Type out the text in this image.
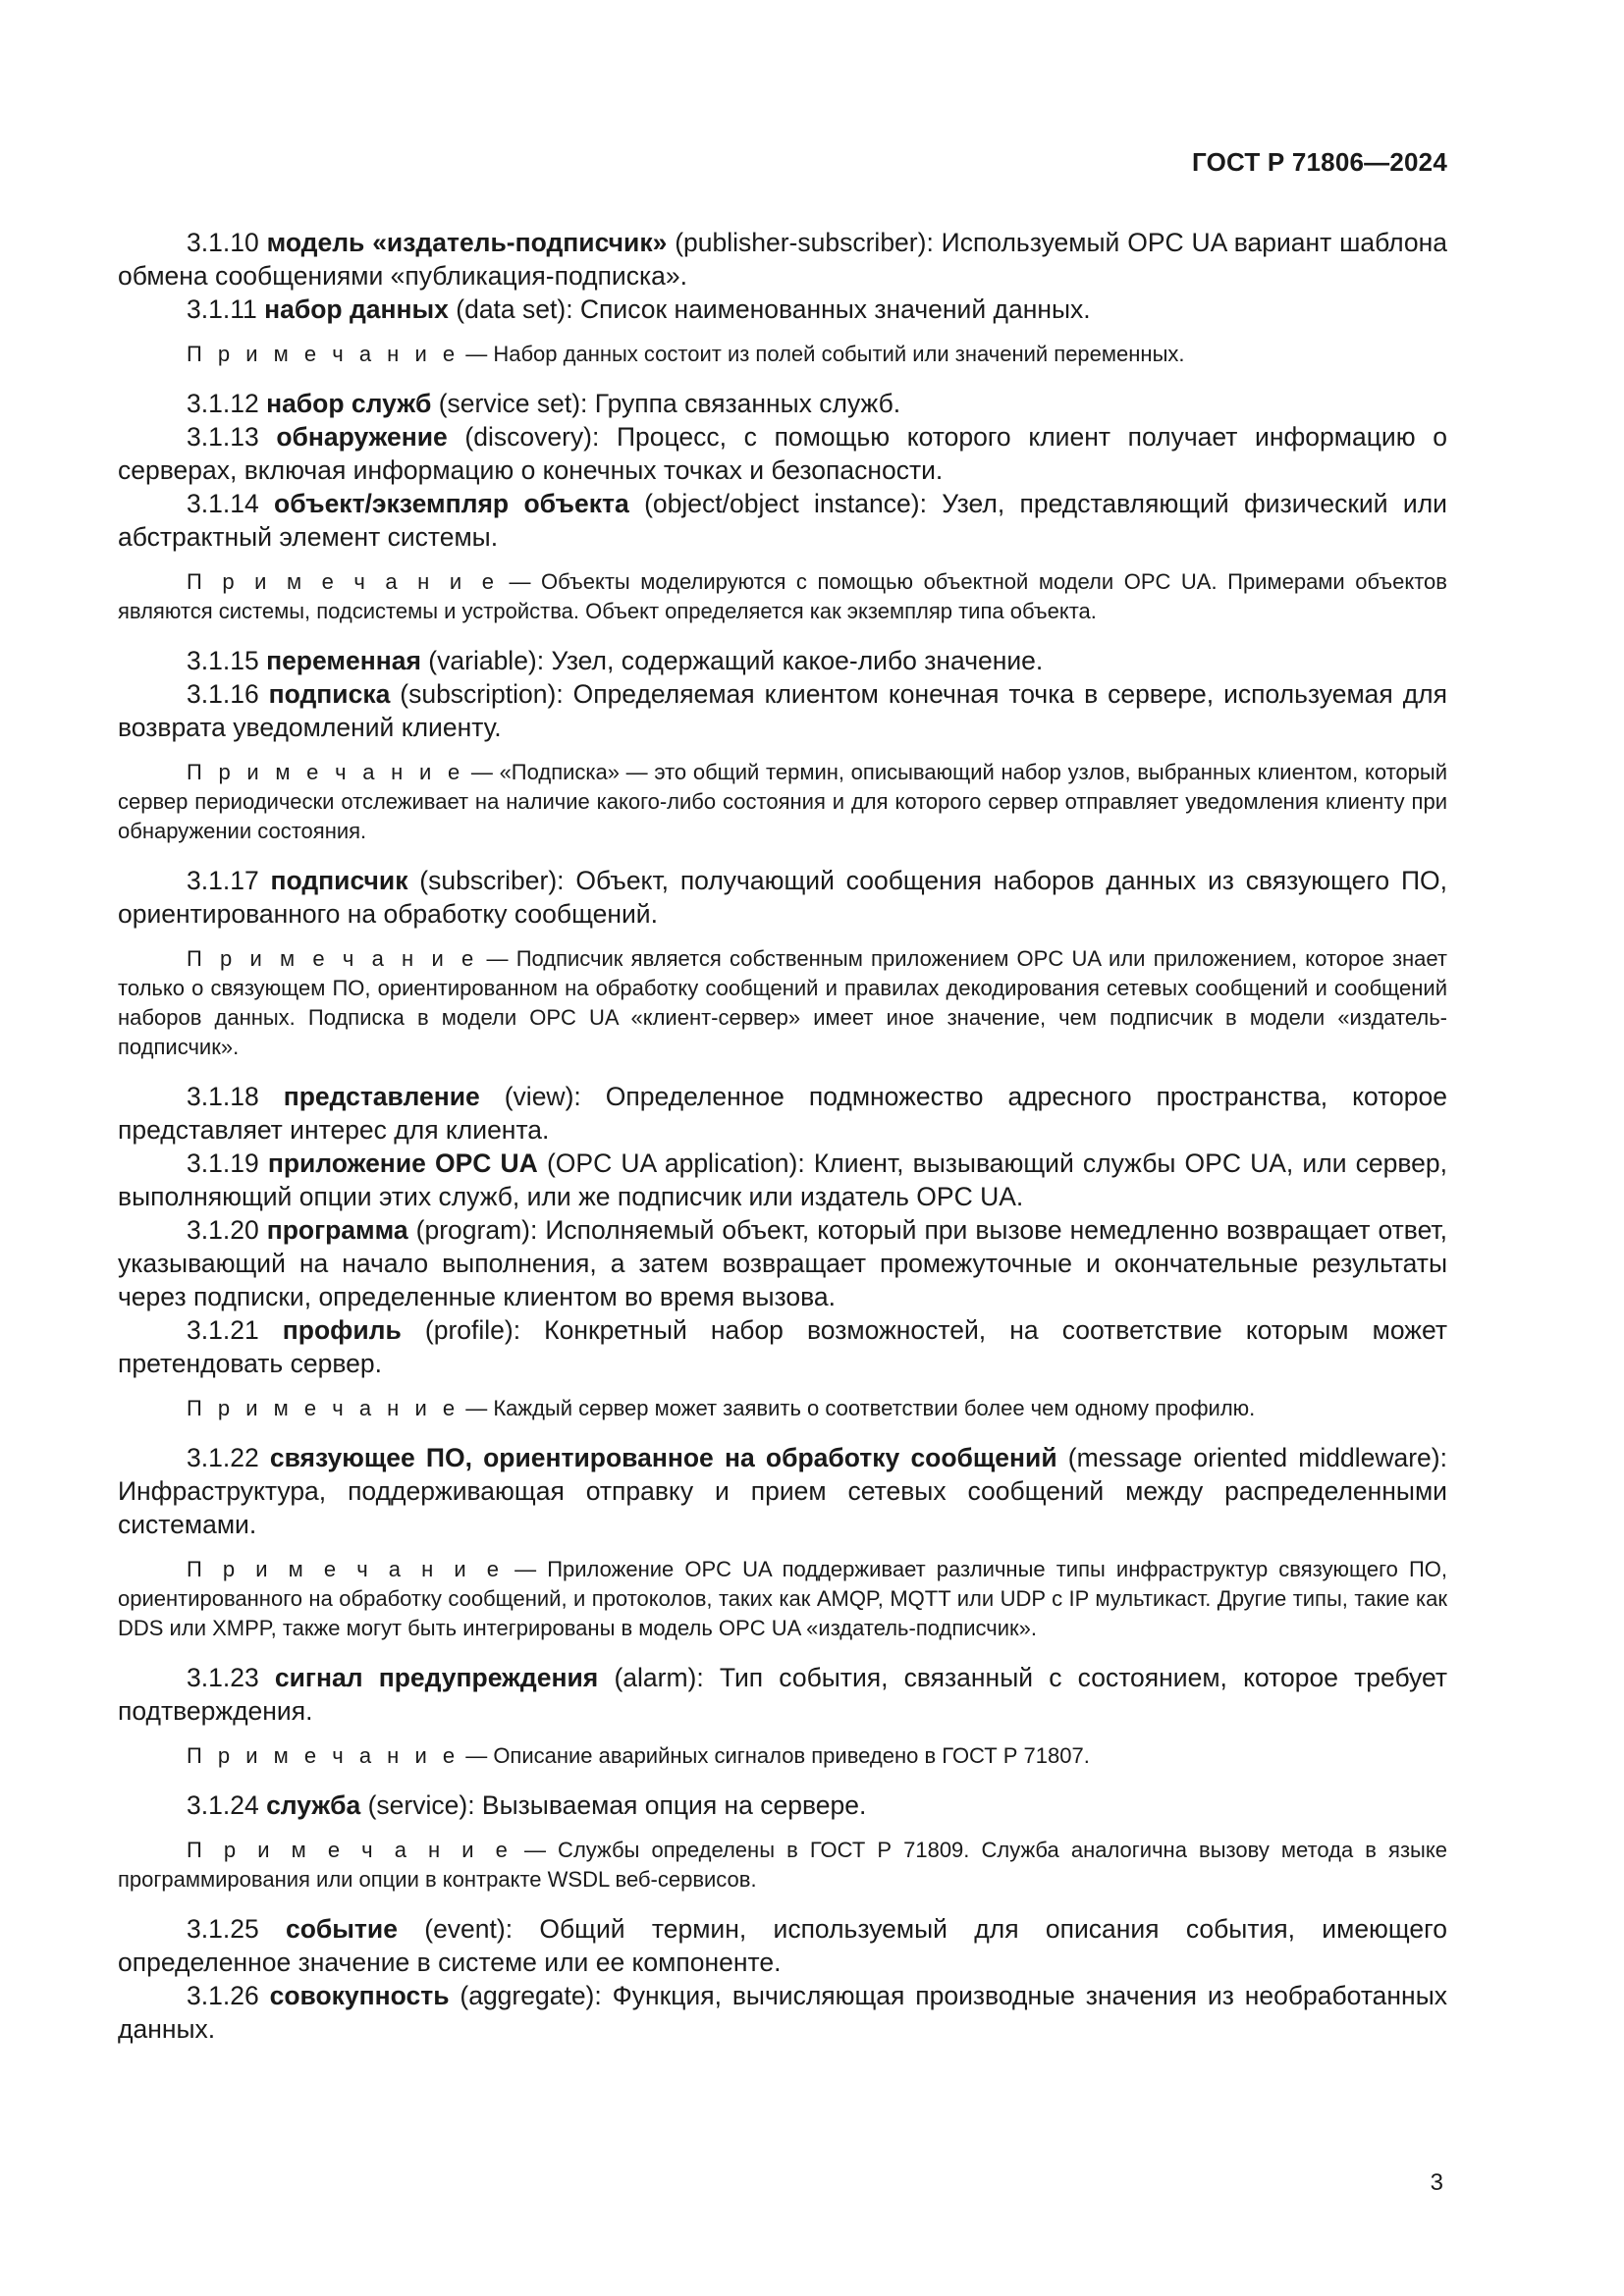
ГОСТ Р 71806—2024

3.1.10 модель «издатель-подписчик» (publisher-subscriber): Используемый OPC UA вариант шаблона обмена сообщениями «публикация-подписка».

3.1.11 набор данных (data set): Список наименованных значений данных.

П р и м е ч а н и е — Набор данных состоит из полей событий или значений переменных.

3.1.12 набор служб (service set): Группа связанных служб.

3.1.13 обнаружение (discovery): Процесс, с помощью которого клиент получает информацию о серверах, включая информацию о конечных точках и безопасности.

3.1.14 объект/экземпляр объекта (object/object instance): Узел, представляющий физический или абстрактный элемент системы.

П р и м е ч а н и е — Объекты моделируются с помощью объектной модели OPC UA. Примерами объектов являются системы, подсистемы и устройства. Объект определяется как экземпляр типа объекта.

3.1.15 переменная (variable): Узел, содержащий какое-либо значение.

3.1.16 подписка (subscription): Определяемая клиентом конечная точка в сервере, используемая для возврата уведомлений клиенту.

П р и м е ч а н и е — «Подписка» — это общий термин, описывающий набор узлов, выбранных клиентом, который сервер периодически отслеживает на наличие какого-либо состояния и для которого сервер отправляет уведомления клиенту при обнаружении состояния.

3.1.17 подписчик (subscriber): Объект, получающий сообщения наборов данных из связующего ПО, ориентированного на обработку сообщений.

П р и м е ч а н и е — Подписчик является собственным приложением OPC UA или приложением, которое знает только о связующем ПО, ориентированном на обработку сообщений и правилах декодирования сетевых сообщений и сообщений наборов данных. Подписка в модели OPC UA «клиент-сервер» имеет иное значение, чем подписчик в модели «издатель-подписчик».

3.1.18 представление (view): Определенное подмножество адресного пространства, которое представляет интерес для клиента.

3.1.19 приложение OPC UA (OPC UA application): Клиент, вызывающий службы OPC UA, или сервер, выполняющий опции этих служб, или же подписчик или издатель OPC UA.

3.1.20 программа (program): Исполняемый объект, который при вызове немедленно возвращает ответ, указывающий на начало выполнения, а затем возвращает промежуточные и окончательные результаты через подписки, определенные клиентом во время вызова.

3.1.21 профиль (profile): Конкретный набор возможностей, на соответствие которым может претендовать сервер.

П р и м е ч а н и е — Каждый сервер может заявить о соответствии более чем одному профилю.

3.1.22 связующее ПО, ориентированное на обработку сообщений (message oriented middleware): Инфраструктура, поддерживающая отправку и прием сетевых сообщений между распределенными системами.

П р и м е ч а н и е — Приложение OPC UA поддерживает различные типы инфраструктур связующего ПО, ориентированного на обработку сообщений, и протоколов, таких как AMQP, MQTT или UDP с IP мультикаст. Другие типы, такие как DDS или XMPP, также могут быть интегрированы в модель OPC UA «издатель-подписчик».

3.1.23 сигнал предупреждения (alarm): Тип события, связанный с состоянием, которое требует подтверждения.

П р и м е ч а н и е — Описание аварийных сигналов приведено в ГОСТ Р 71807.

3.1.24 служба (service): Вызываемая опция на сервере.

П р и м е ч а н и е — Службы определены в ГОСТ Р 71809. Служба аналогична вызову метода в языке программирования или опции в контракте WSDL веб-сервисов.

3.1.25 событие (event): Общий термин, используемый для описания события, имеющего определенное значение в системе или ее компоненте.

3.1.26 совокупность (aggregate): Функция, вычисляющая производные значения из необработанных данных.

3
